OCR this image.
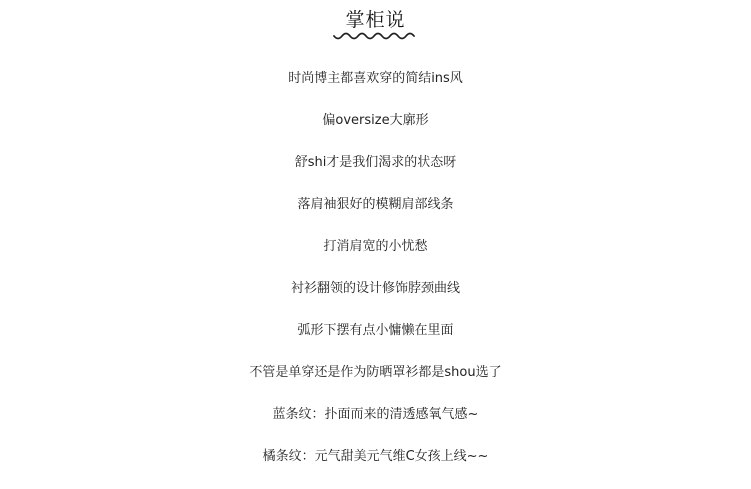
掌柜说
时尚博主都喜欢穿的简结ins风
偏oversize大廓形
舒shi才是我们渴求的状态呀
落肩袖狠好的模糊肩部线条
打消肩宽的小忧愁
衬衫翻领的设计修饰脖颈曲线
弧形下摆有点小慵懒在里面
不管是单穿还是作为防晒罩衫都是shou选了
蓝条纹：扑面而来的清透感氧气感~
橘条纹：元气甜美元气维C女孩上线~~
